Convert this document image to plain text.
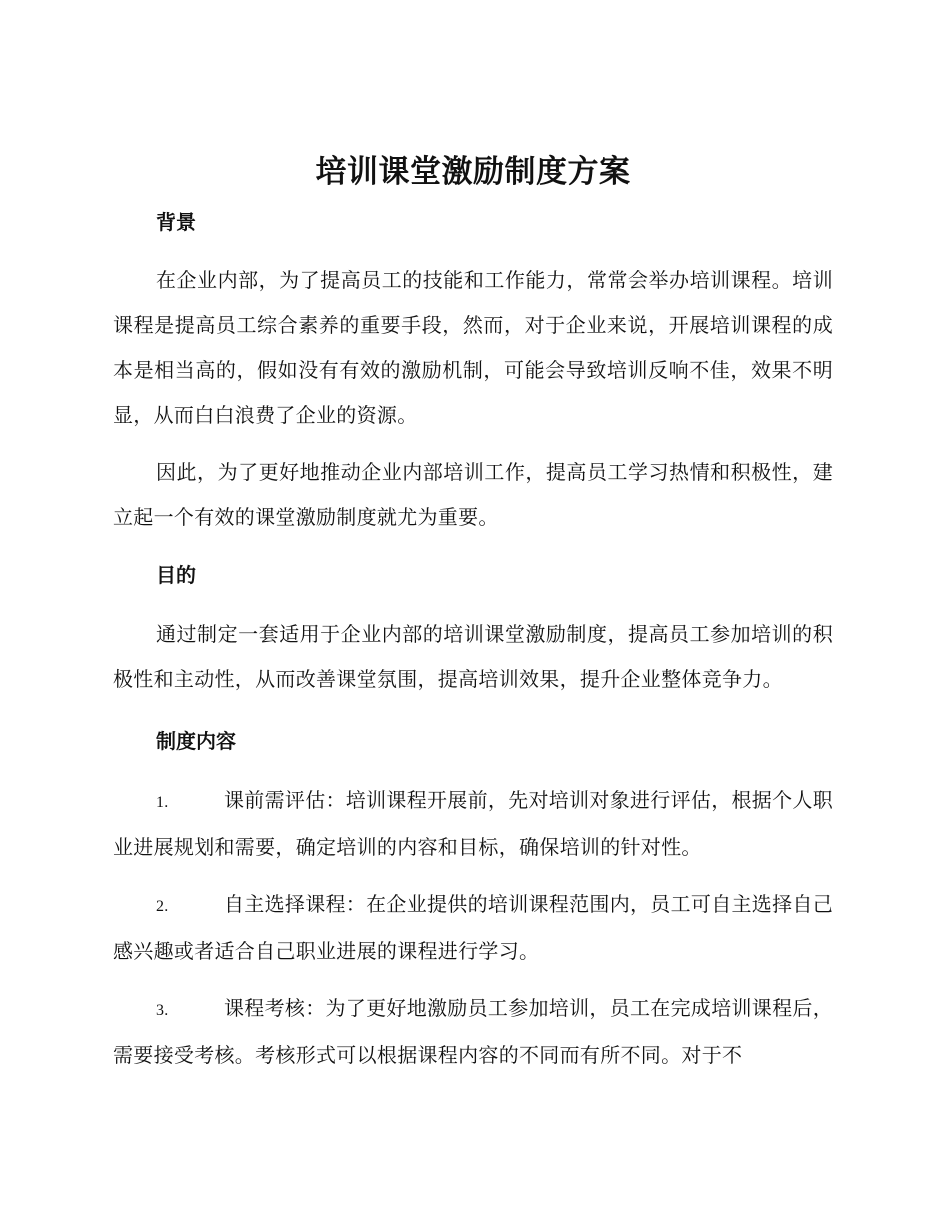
培训课堂激励制度方案

背景

在企业内部，为了提高员工的技能和工作能力，常常会举办培训课程。培训课程是提高员工综合素养的重要手段，然而，对于企业来说，开展培训课程的成本是相当高的，假如没有有效的激励机制，可能会导致培训反响不佳，效果不明显，从而白白浪费了企业的资源。

因此，为了更好地推动企业内部培训工作，提高员工学习热情和积极性，建立起一个有效的课堂激励制度就尤为重要。

目的

通过制定一套适用于企业内部的培训课堂激励制度，提高员工参加培训的积极性和主动性，从而改善课堂氛围，提高培训效果，提升企业整体竞争力。

制度内容

1.	课前需评估：培训课程开展前，先对培训对象进行评估，根据个人职业进展规划和需要，确定培训的内容和目标，确保培训的针对性。

2.	自主选择课程：在企业提供的培训课程范围内，员工可自主选择自己感兴趣或者适合自己职业进展的课程进行学习。

3.	课程考核：为了更好地激励员工参加培训，员工在完成培训课程后，需要接受考核。考核形式可以根据课程内容的不同而有所不同。对于不
